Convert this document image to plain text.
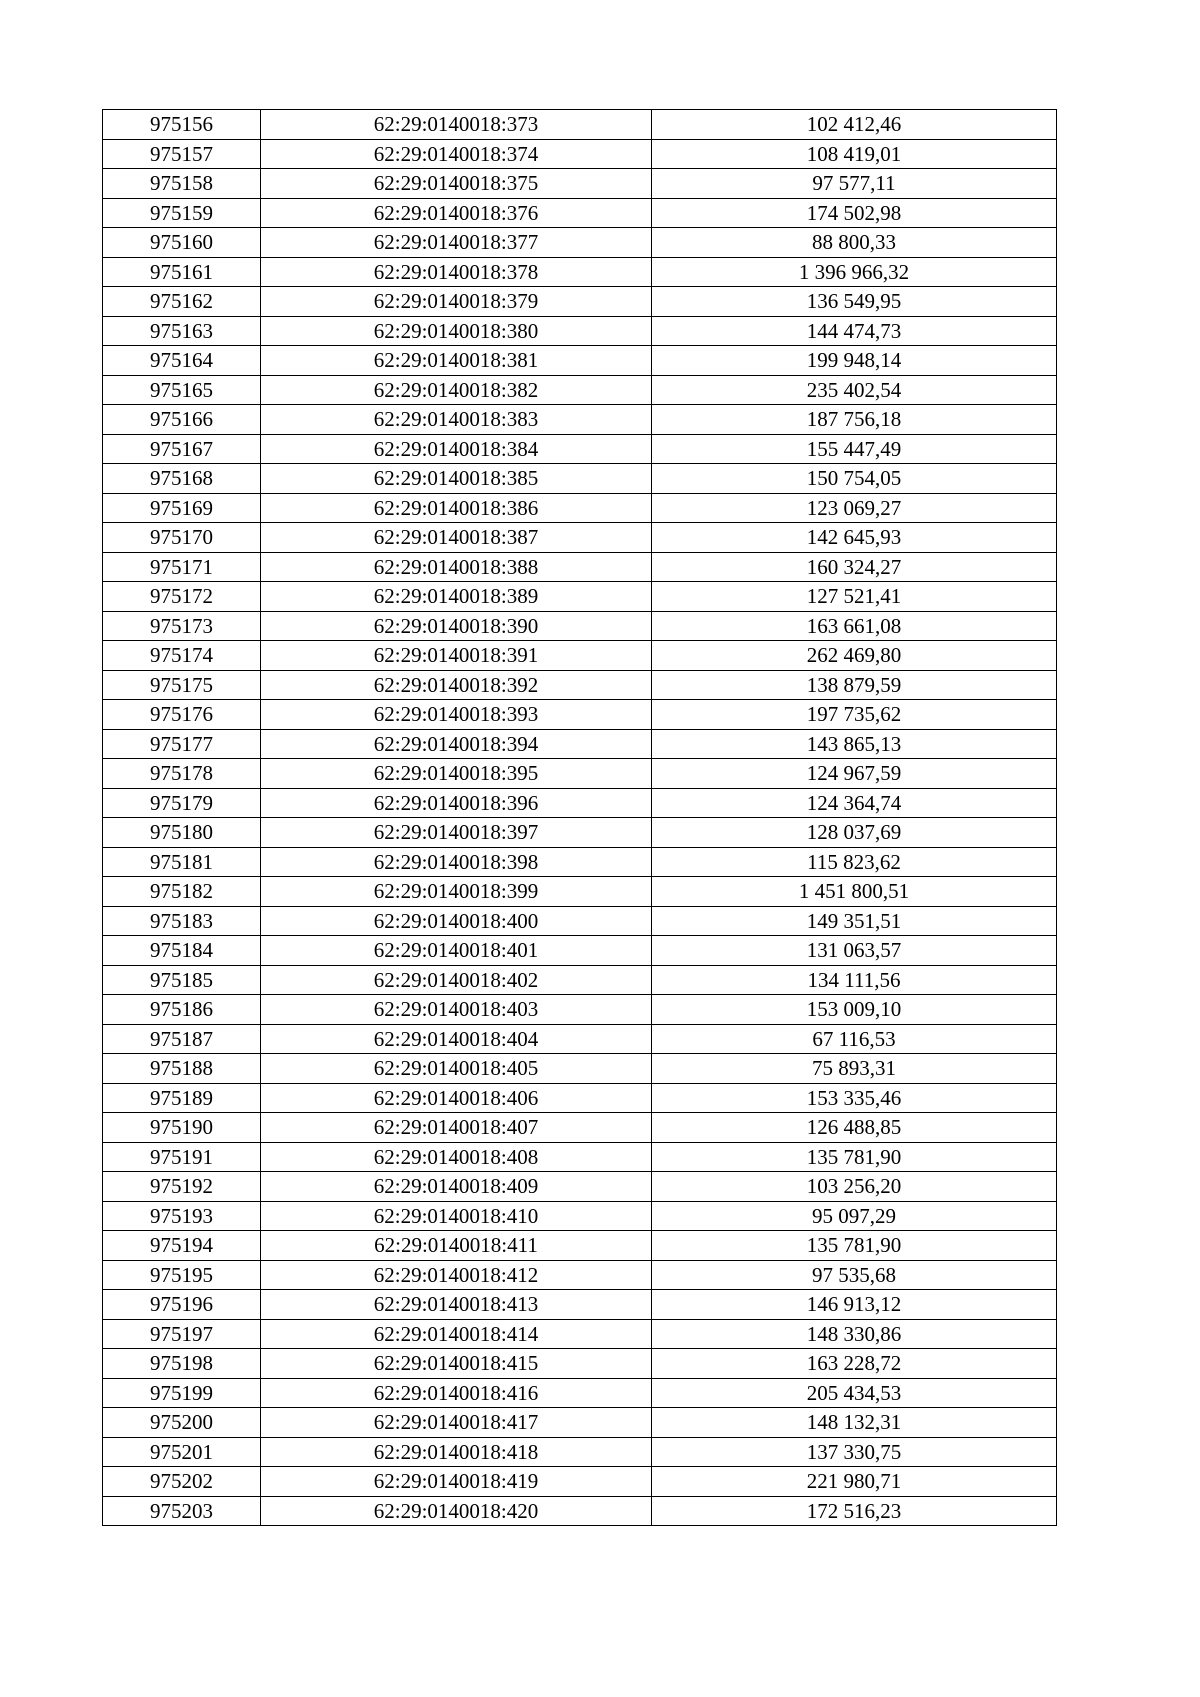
975156	62:29:0140018:373	102 412,46
975157	62:29:0140018:374	108 419,01
975158	62:29:0140018:375	97 577,11
975159	62:29:0140018:376	174 502,98
975160	62:29:0140018:377	88 800,33
975161	62:29:0140018:378	1 396 966,32
975162	62:29:0140018:379	136 549,95
975163	62:29:0140018:380	144 474,73
975164	62:29:0140018:381	199 948,14
975165	62:29:0140018:382	235 402,54
975166	62:29:0140018:383	187 756,18
975167	62:29:0140018:384	155 447,49
975168	62:29:0140018:385	150 754,05
975169	62:29:0140018:386	123 069,27
975170	62:29:0140018:387	142 645,93
975171	62:29:0140018:388	160 324,27
975172	62:29:0140018:389	127 521,41
975173	62:29:0140018:390	163 661,08
975174	62:29:0140018:391	262 469,80
975175	62:29:0140018:392	138 879,59
975176	62:29:0140018:393	197 735,62
975177	62:29:0140018:394	143 865,13
975178	62:29:0140018:395	124 967,59
975179	62:29:0140018:396	124 364,74
975180	62:29:0140018:397	128 037,69
975181	62:29:0140018:398	115 823,62
975182	62:29:0140018:399	1 451 800,51
975183	62:29:0140018:400	149 351,51
975184	62:29:0140018:401	131 063,57
975185	62:29:0140018:402	134 111,56
975186	62:29:0140018:403	153 009,10
975187	62:29:0140018:404	67 116,53
975188	62:29:0140018:405	75 893,31
975189	62:29:0140018:406	153 335,46
975190	62:29:0140018:407	126 488,85
975191	62:29:0140018:408	135 781,90
975192	62:29:0140018:409	103 256,20
975193	62:29:0140018:410	95 097,29
975194	62:29:0140018:411	135 781,90
975195	62:29:0140018:412	97 535,68
975196	62:29:0140018:413	146 913,12
975197	62:29:0140018:414	148 330,86
975198	62:29:0140018:415	163 228,72
975199	62:29:0140018:416	205 434,53
975200	62:29:0140018:417	148 132,31
975201	62:29:0140018:418	137 330,75
975202	62:29:0140018:419	221 980,71
975203	62:29:0140018:420	172 516,23
